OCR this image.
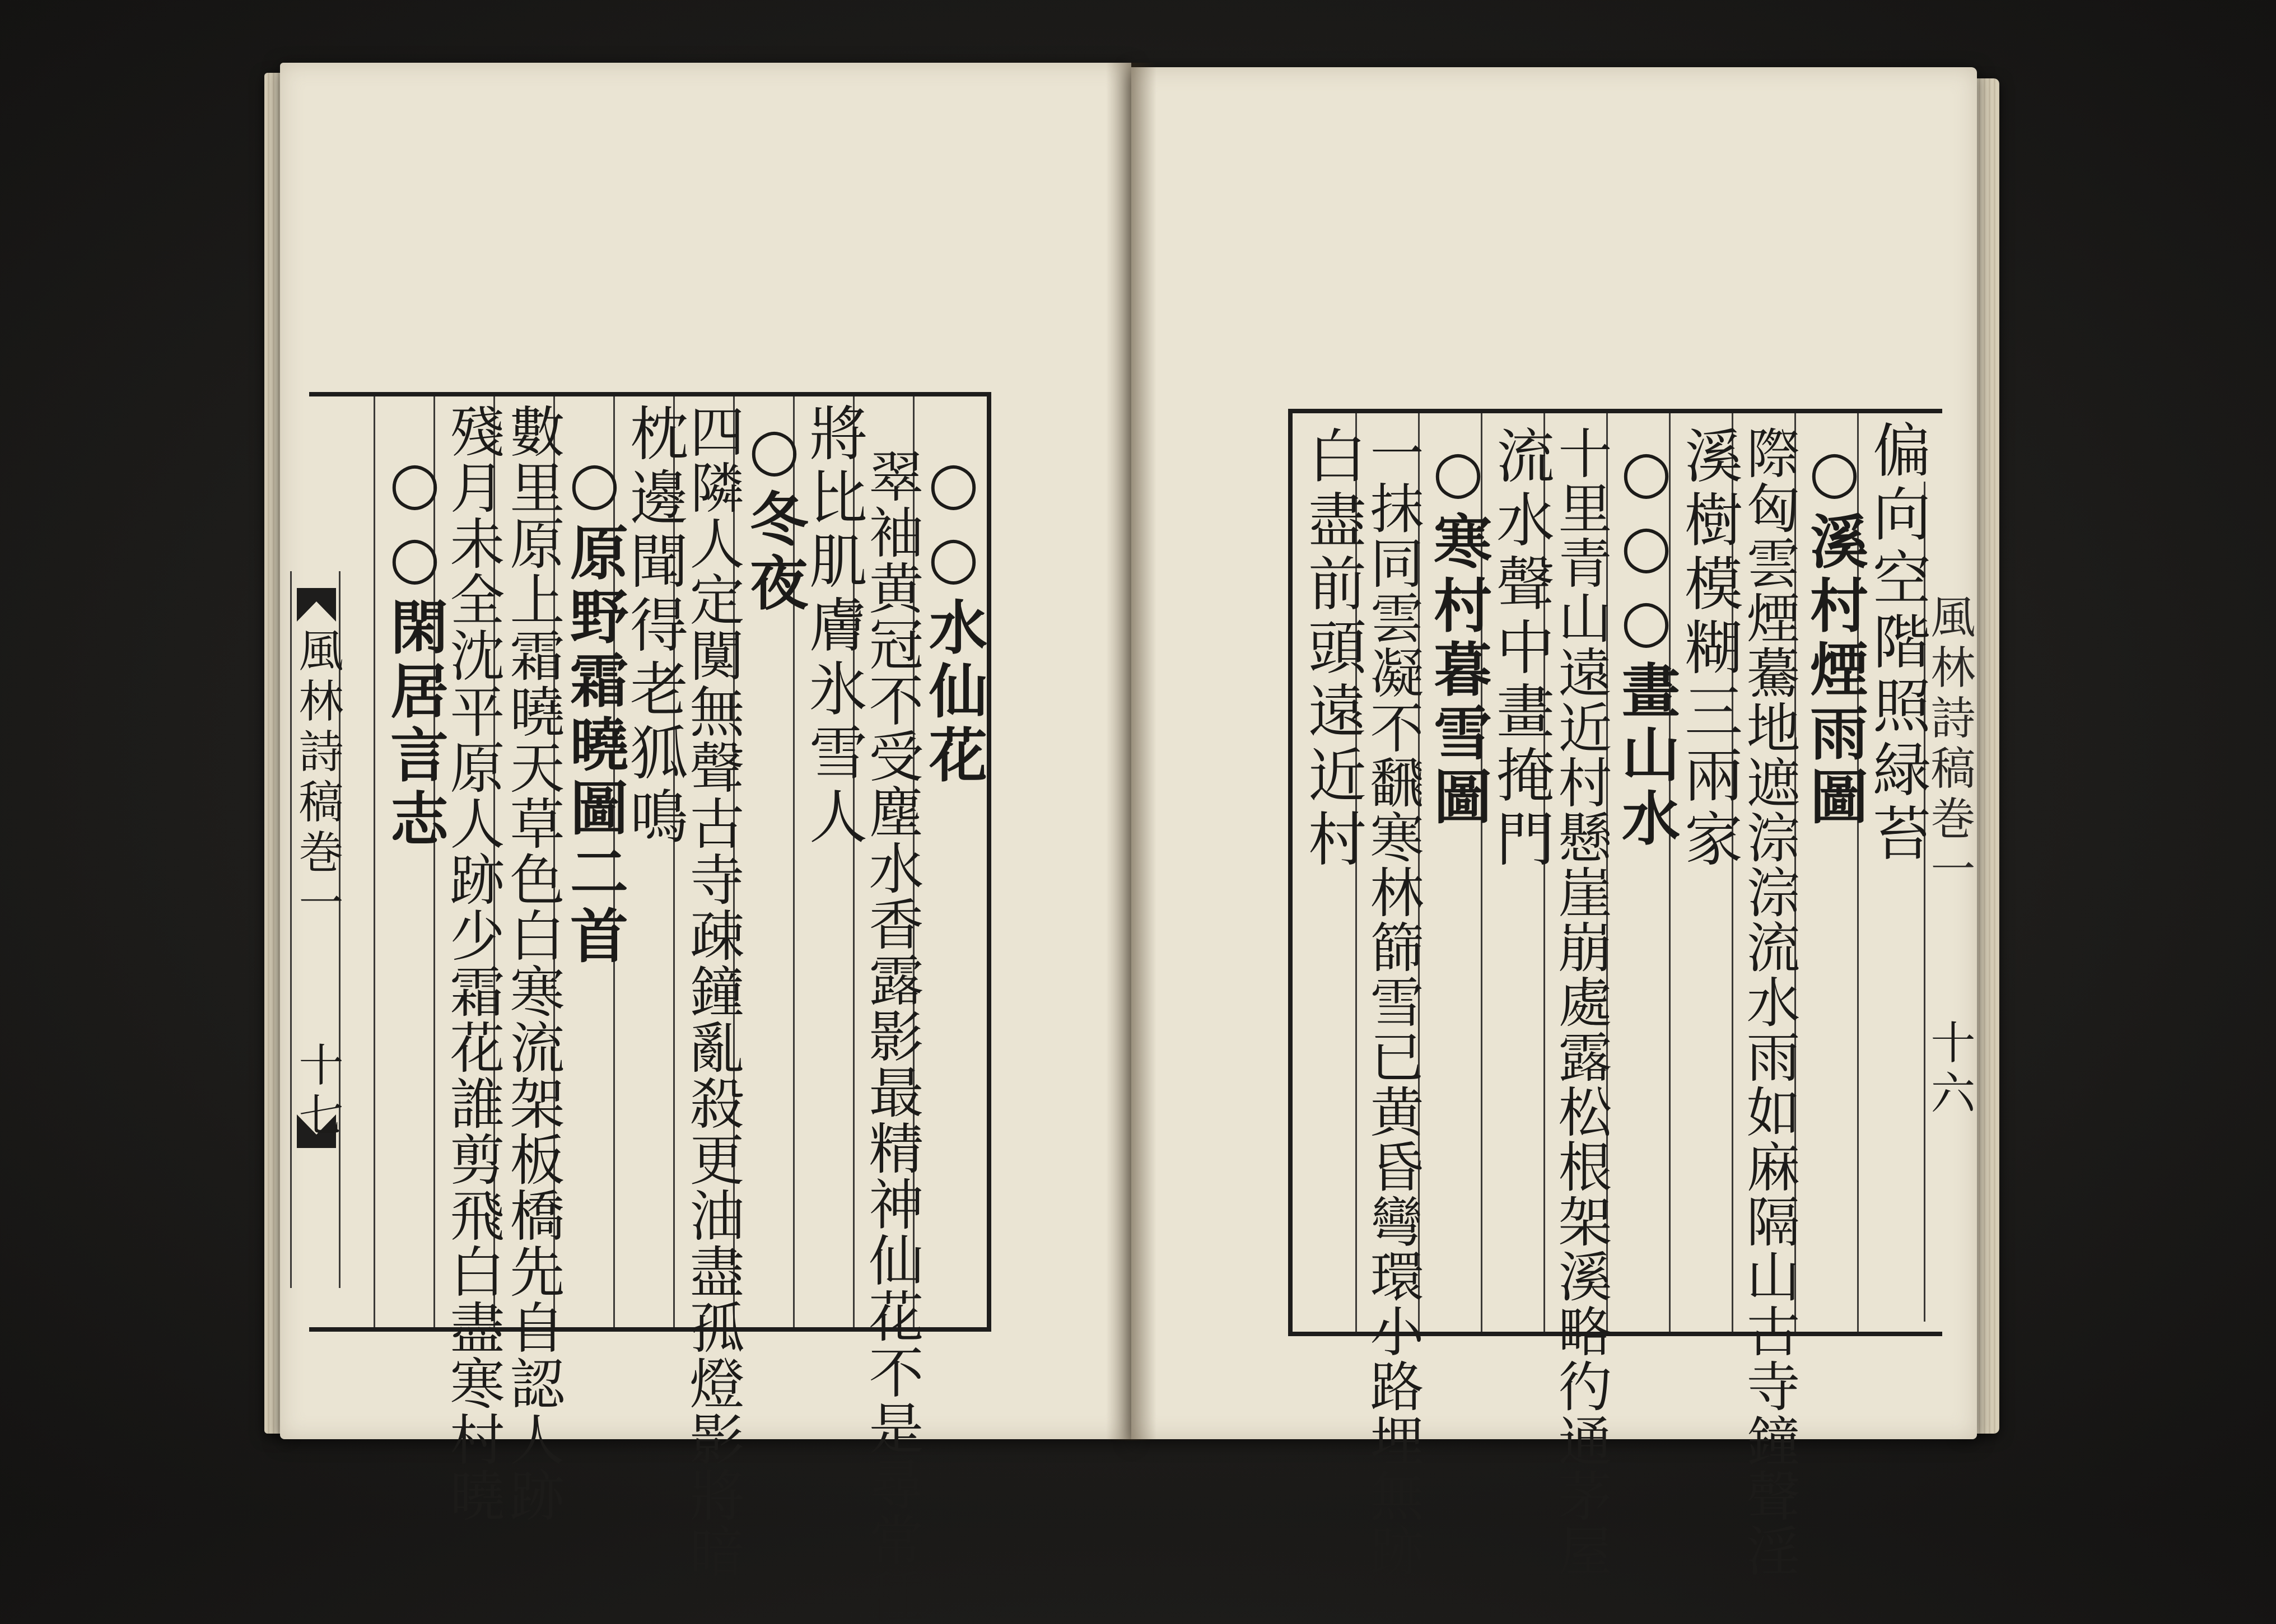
風林詩稿巻一
十七
○○水仙花
翠袖黄冠不受塵水香露影最精神仙花不是尋常種
將比肌膚氷雪人
○冬夜
四隣人定闃無聲古寺疎鐘亂殺更油盡孤燈影將暗
枕邊聞得老狐鳴
○原野霜曉圖二首
數里原上霜曉天草色白寒流架板橋先自認人跡
殘月未全沈平原人跡少霜花誰剪飛白盡寒村曉
○○閑居言志	風林詩稿巻一
十六
偏向空階照緑苔
○溪村煙雨圖
際匈雲煙驀地遮淙淙流水雨如麻隔山古寺鐘聲淫
溪樹模糊三兩家
○○○畫山水
十里青山遠近村懸崖崩處露松根架溪略彴通茅屋
流水聲中畫掩門
○寒村暮雪圖
一抹同雲凝不飜寒林篩雪已黄昏彎環小路埋無跡
白盡前頭遠近村
